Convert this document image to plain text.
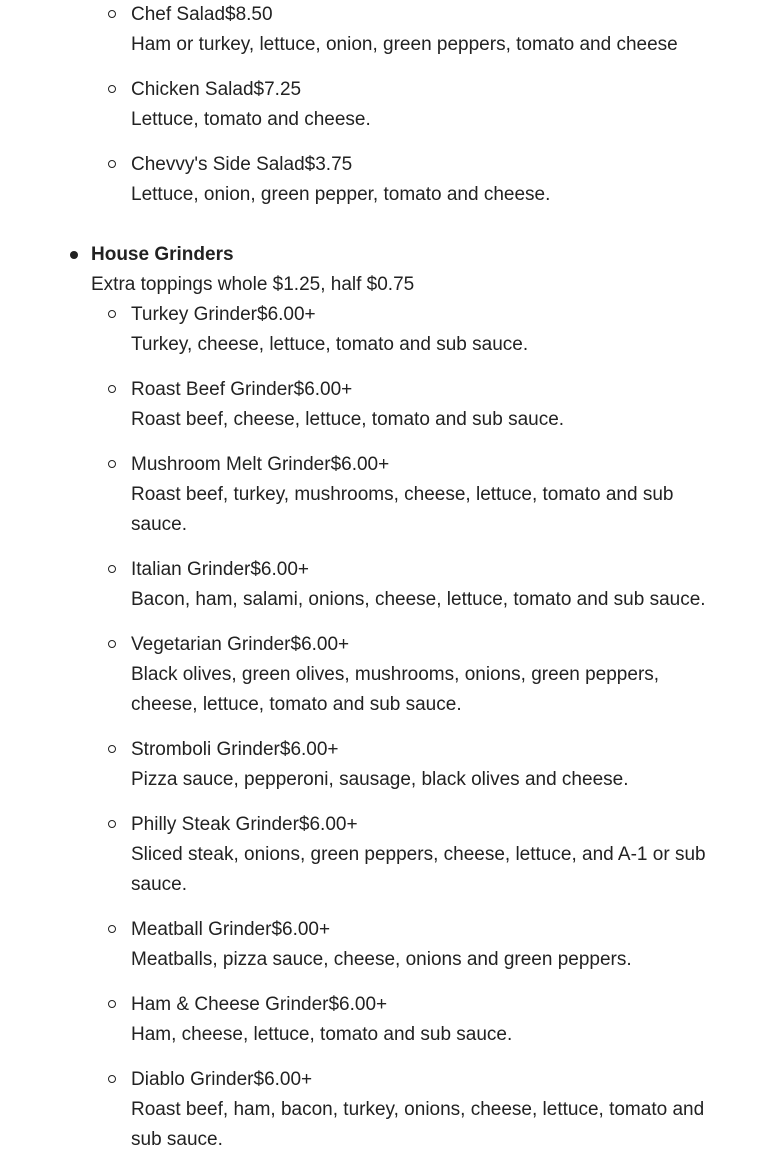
Chef Salad$8.50
Ham or turkey, lettuce, onion, green peppers, tomato and cheese
Chicken Salad$7.25
Lettuce, tomato and cheese.
Chevvy's Side Salad$3.75
Lettuce, onion, green pepper, tomato and cheese.
House Grinders
Extra toppings whole $1.25, half $0.75
Turkey Grinder$6.00+
Turkey, cheese, lettuce, tomato and sub sauce.
Roast Beef Grinder$6.00+
Roast beef, cheese, lettuce, tomato and sub sauce.
Mushroom Melt Grinder$6.00+
Roast beef, turkey, mushrooms, cheese, lettuce, tomato and sub sauce.
Italian Grinder$6.00+
Bacon, ham, salami, onions, cheese, lettuce, tomato and sub sauce.
Vegetarian Grinder$6.00+
Black olives, green olives, mushrooms, onions, green peppers, cheese, lettuce, tomato and sub sauce.
Stromboli Grinder$6.00+
Pizza sauce, pepperoni, sausage, black olives and cheese.
Philly Steak Grinder$6.00+
Sliced steak, onions, green peppers, cheese, lettuce, and A-1 or sub sauce.
Meatball Grinder$6.00+
Meatballs, pizza sauce, cheese, onions and green peppers.
Ham & Cheese Grinder$6.00+
Ham, cheese, lettuce, tomato and sub sauce.
Diablo Grinder$6.00+
Roast beef, ham, bacon, turkey, onions, cheese, lettuce, tomato and sub sauce.
